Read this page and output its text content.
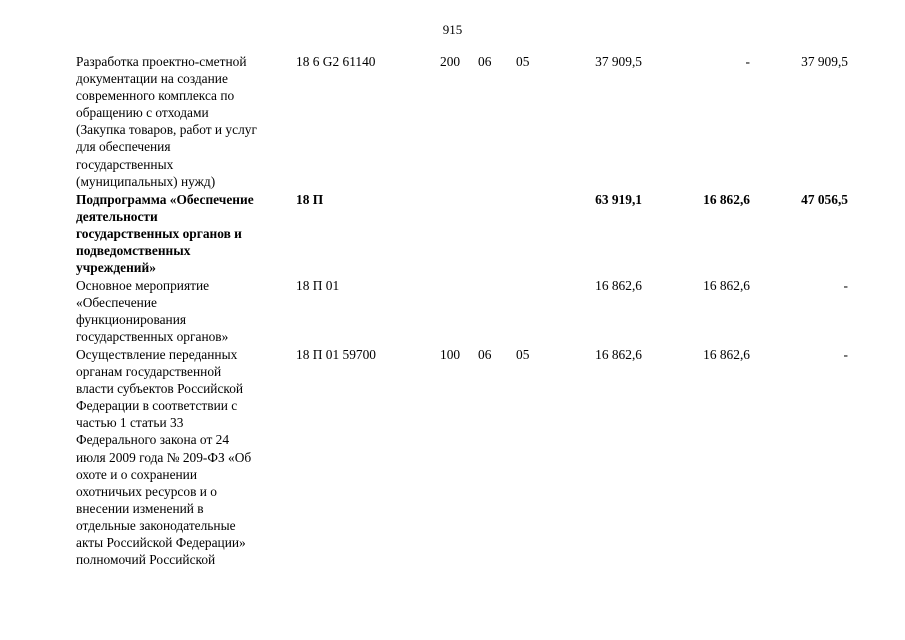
915
Разработка проектно-сметной
документации на создание
современного комплекса по
обращению с отходами
(Закупка товаров, работ и услуг
для обеспечения
государственных
(муниципальных) нужд)
18 6 G2 61140	200 06 05	37 909,5	-	37 909,5
Подпрограмма «Обеспечение
деятельности
государственных органов и
подведомственных
учреждений»
18 П	63 919,1	16 862,6	47 056,5
Основное мероприятие
«Обеспечение
функционирования
государственных органов»
18 П 01	16 862,6	16 862,6	-
Осуществление переданных
органам государственной
власти субъектов Российской
Федерации в соответствии с
частью 1 статьи 33
Федерального закона от 24
июля 2009 года № 209-ФЗ «Об
охоте и о сохранении
охотничьих ресурсов и о
внесении изменений в
отдельные законодательные
акты Российской Федерации»
полномочий Российской
18 П 01 59700	100 06 05	16 862,6	16 862,6	-
